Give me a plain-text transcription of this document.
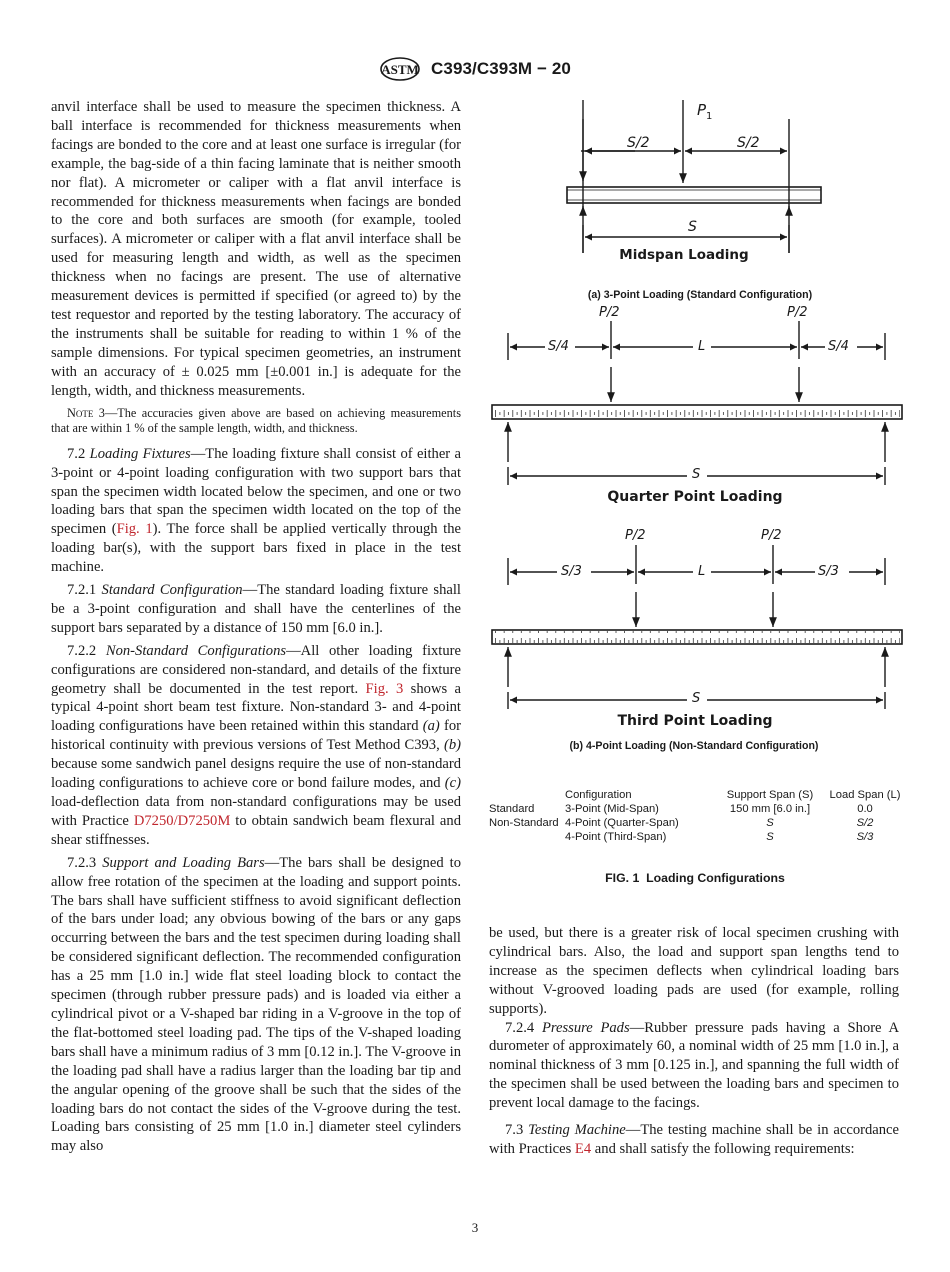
ASTM C393/C393M − 20

anvil interface shall be used to measure the specimen thickness. A ball interface is recommended for thickness measurements when facings are bonded to the core and at least one surface is irregular (for example, the bag-side of a thin facing laminate that is neither smooth nor flat). A micrometer or caliper with a flat anvil interface is recommended for thickness measurements when facings are bonded to the core and both surfaces are smooth (for example, tooled surfaces). A micrometer or caliper with a flat anvil interface shall be used for measuring length and width, as well as the specimen thickness when no facings are present. The use of alternative measurement devices is permitted if specified (or agreed to) by the test requestor and reported by the testing laboratory. The accuracy of the instruments shall be suitable for reading to within 1 % of the sample dimensions. For typical specimen geometries, an instrument with an accuracy of ± 0.025 mm [±0.001 in.] is adequate for the length, width, and thickness measurements.

Note 3—The accuracies given above are based on achieving measurements that are within 1 % of the sample length, width, and thickness.

7.2 Loading Fixtures—The loading fixture shall consist of either a 3-point or 4-point loading configuration with two support bars that span the specimen width located below the specimen, and one or two loading bars that span the specimen width located on the top of the specimen (Fig. 1). The force shall be applied vertically through the loading bar(s), with the support bars fixed in place in the test machine.

7.2.1 Standard Configuration—The standard loading fixture shall be a 3-point configuration and shall have the centerlines of the support bars separated by a distance of 150 mm [6.0 in.].

7.2.2 Non-Standard Configurations—All other loading fixture configurations are considered non-standard, and details of the fixture geometry shall be documented in the test report. Fig. 3 shows a typical 4-point short beam test fixture. Non-standard 3- and 4-point loading configurations have been retained within this standard (a) for historical continuity with previous versions of Test Method C393, (b) because some sandwich panel designs require the use of non-standard loading configurations to achieve core or bond failure modes, and (c) load-deflection data from non-standard configurations may be used with Practice D7250/D7250M to obtain sandwich beam flexural and shear stiffnesses.

7.2.3 Support and Loading Bars—The bars shall be designed to allow free rotation of the specimen at the loading and support points. The bars shall have sufficient stiffness to avoid significant deflection of the bars under load; any obvious bowing of the bars or any gaps occurring between the bars and the test specimen during loading shall be considered significant deflection. The recommended configuration has a 25 mm [1.0 in.] wide flat steel loading block to contact the specimen (through rubber pressure pads) and is loaded via either a cylindrical pivot or a V-shaped bar riding in a V-groove in the top of the flat-bottomed steel loading pad. The tips of the V-shaped loading bars shall have a minimum radius of 3 mm [0.12 in.]. The V-groove in the loading pad shall have a radius larger than the loading bar tip and the angular opening of the groove shall be such that the sides of the loading bars do not contact the sides of the V-groove during the test. Loading bars consisting of 25 mm [1.0 in.] diameter steel cylinders may also

$P_1$
S/2	S/2
S
Midspan Loading
(a) 3-Point Loading (Standard Configuration)
P/2	P/2
S/4	L	S/4
S
Quarter Point Loading
P/2	P/2
S/3	L	S/3
S
Third Point Loading
(b) 4-Point Loading (Non-Standard Configuration)
	Configuration	Support Span (S)	Load Span (L)
Standard	3-Point (Mid-Span)	150 mm [6.0 in.]	0.0
Non-Standard	4-Point (Quarter-Span)	S	S/2
	4-Point (Third-Span)	S	S/3
FIG. 1  Loading Configurations

be used, but there is a greater risk of local specimen crushing with cylindrical bars. Also, the load and support span lengths tend to increase as the specimen deflects when cylindrical loading bars without V-grooved loading pads are used (for example, rolling supports).

7.2.4 Pressure Pads—Rubber pressure pads having a Shore A durometer of approximately 60, a nominal width of 25 mm [1.0 in.], a nominal thickness of 3 mm [0.125 in.], and spanning the full width of the specimen shall be used between the loading bars and specimen to prevent local damage to the facings.

7.3 Testing Machine—The testing machine shall be in accordance with Practices E4 and shall satisfy the following requirements:

3
